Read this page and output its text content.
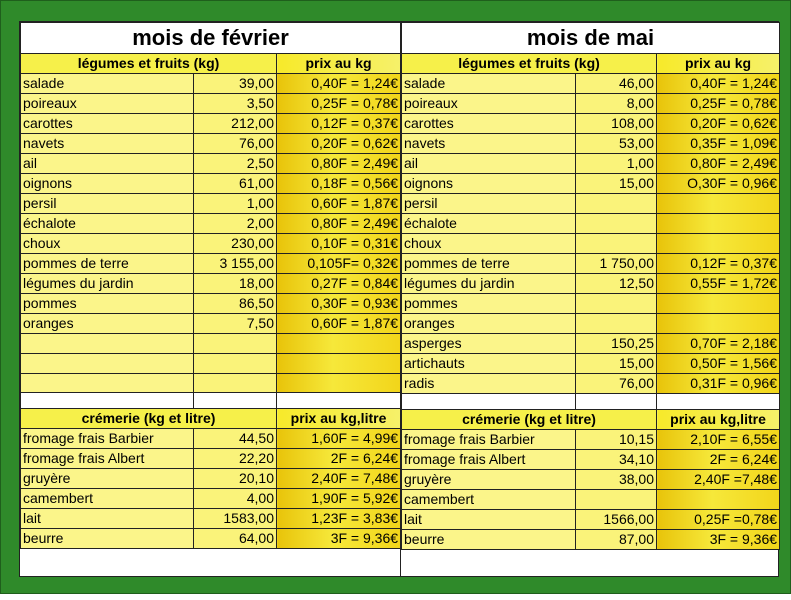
mois de février		
légumes et fruits (kg)		prix au kg
salade	39,00	0,40F = 1,24€
poireaux	3,50	0,25F = 0,78€
carottes	212,00	0,12F = 0,37€
navets	76,00	0,20F = 0,62€
ail	2,50	0,80F = 2,49€
oignons	61,00	0,18F = 0,56€
persil	1,00	0,60F = 1,87€
échalote	2,00	0,80F = 2,49€
choux	230,00	0,10F = 0,31€
pommes de terre	3 155,00	0,105F= 0,32€
légumes du jardin	18,00	0,27F = 0,84€
pommes	86,50	0,30F = 0,93€
oranges	7,50	0,60F = 1,87€

crémerie (kg et litre)		prix au kg,litre
fromage frais Barbier	44,50	1,60F = 4,99€
fromage frais Albert	22,20	2F = 6,24€
gruyère	20,10	2,40F = 7,48€
camembert	4,00	1,90F = 5,92€
lait	1583,00	1,23F = 3,83€
beurre	64,00	3F = 9,36€
mois de mai		
légumes et fruits (kg)		prix au kg
salade	46,00	0,40F = 1,24€
poireaux	8,00	0,25F = 0,78€
carottes	108,00	0,20F = 0,62€
navets	53,00	0,35F = 1,09€
ail	1,00	0,80F = 2,49€
oignons	15,00	O,30F = 0,96€
persil		
échalote		
choux		
pommes de terre	1 750,00	0,12F = 0,37€
légumes du jardin	12,50	0,55F = 1,72€
pommes		
oranges		
asperges	150,25	0,70F = 2,18€
artichauts	15,00	0,50F = 1,56€
radis	76,00	0,31F = 0,96€

crémerie (kg et litre)		prix au kg,litre
fromage frais Barbier	10,15	2,10F = 6,55€
fromage frais Albert	34,10	2F = 6,24€
gruyère	38,00	2,40F =7,48€
camembert		
lait	1566,00	0,25F =0,78€
beurre	87,00	3F = 9,36€
